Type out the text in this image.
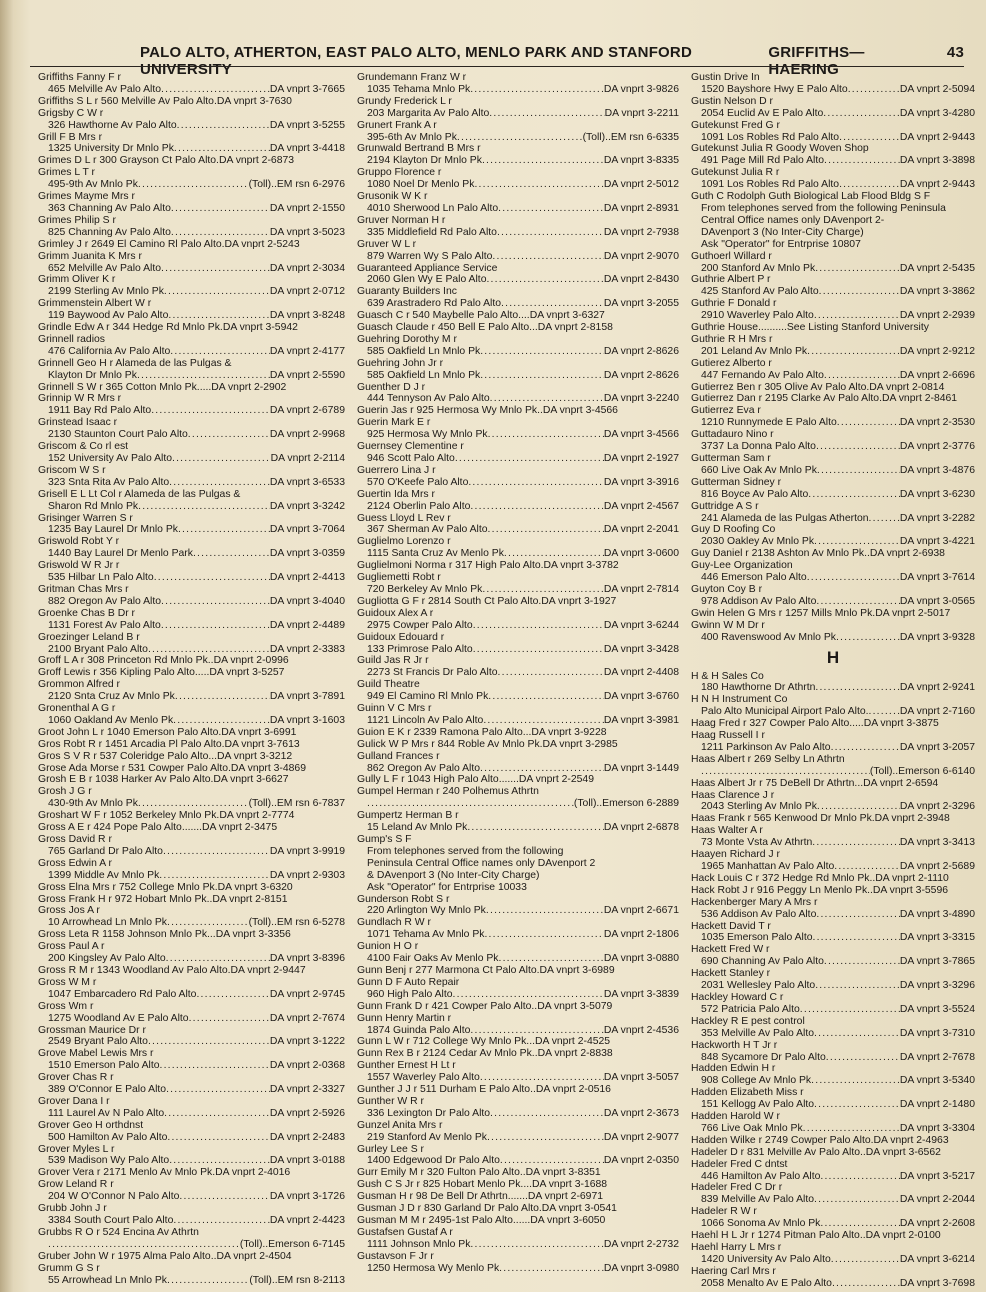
PALO ALTO, ATHERTON, EAST PALO ALTO, MENLO PARK AND STANFORD UNIVERSITY
GRIFFITHS—HAERING
43
Griffiths Fanny F r
465 Melville Av Palo Alto .....	DA vnprt 3-7665
Griffiths S L r 560 Melville Av Palo Alto.DA vnprt 3-7630
Grigsby C W r
326 Hawthorne Av Palo Alto .....	DA vnprt 3-5255
Grill F B Mrs r
1325 University Dr Mnlo Pk .....	DA vnprt 3-4418
Grimes D L r 300 Grayson Ct Palo Alto.DA vnprt 2-6873
Grimes L T r
495-9th Av Mnlo Pk .....	(Toll)..EM rsn 6-2976
Grimes Mayme Mrs r
363 Channing Av Palo Alto .....	DA vnprt 2-1550
Grimes Philip S r
825 Channing Av Palo Alto .....	DA vnprt 3-5023
Grimley J r 2649 El Camino Rl Palo Alto.DA vnprt 2-5243
Grimm Juanita K Mrs r
652 Melville Av Palo Alto .....	DA vnprt 2-3034
Grimm Oliver K r
2199 Sterling Av Mnlo Pk .....	DA vnprt 2-0712
Grimmenstein Albert W r
119 Baywood Av Palo Alto .....	DA vnprt 3-8248
Grindle Edw A r 344 Hedge Rd Mnlo Pk.DA vnprt 3-5942
Grinnell radios
476 California Av Palo Alto .....	DA vnprt 2-4177
Grinnell Geo H r Alameda de las Pulgas &
Klayton Dr Mnlo Pk .....	DA vnprt 2-5590
Grinnell S W r 365 Cotton Mnlo Pk.....DA vnprt 2-2902
Grinnip W R Mrs r
1911 Bay Rd Palo Alto .....	DA vnprt 2-6789
Grinstead Isaac r
2130 Staunton Court Palo Alto .....	DA vnprt 2-9968
Griscom & Co rl est
152 University Av Palo Alto .....	DA vnprt 2-2114
Griscom W S r
323 Snta Rita Av Palo Alto .....	DA vnprt 3-6533
Grisell E L Lt Col r Alameda de las Pulgas &
Sharon Rd Mnlo Pk .....	DA vnprt 3-3242
Grisinger Warren S r
1235 Bay Laurel Dr Mnlo Pk .....	DA vnprt 3-7064
Griswold Robt Y r
1440 Bay Laurel Dr Menlo Park .....	DA vnprt 3-0359
Griswold W R Jr r
535 Hilbar Ln Palo Alto .....	DA vnprt 2-4413
Gritman Chas Mrs r
882 Oregon Av Palo Alto .....	DA vnprt 3-4040
Groenke Chas B Dr r
1131 Forest Av Palo Alto .....	DA vnprt 2-4489
Groezinger Leland B r
2100 Bryant Palo Alto .....	DA vnprt 2-3383
Groff L A r 308 Princeton Rd Mnlo Pk..DA vnprt 2-0996
Groff Lewis r 356 Kipling Palo Alto.....DA vnprt 3-5257
Grommon Alfred r
2120 Snta Cruz Av Mnlo Pk .....	DA vnprt 3-7891
Gronenthal A G r
1060 Oakland Av Menlo Pk .....	DA vnprt 3-1603
Groot John L r 1040 Emerson Palo Alto.DA vnprt 3-6991
Gros Robt R r 1451 Arcadia Pl Palo Alto.DA vnprt 3-7613
Gros S V R r 537 Coleridge Palo Alto...DA vnprt 3-3212
Grose Ada Morse r 531 Cowper Palo Alto.DA vnprt 3-4869
Grosh E B r 1038 Harker Av Palo Alto.DA vnprt 3-6627
Grosh J G r
430-9th Av Mnlo Pk .....	(Toll)..EM rsn 6-7837
Groshart W F r 1052 Berkeley Mnlo Pk.DA vnprt 2-7774
Gross A E r 424 Pope Palo Alto.......DA vnprt 2-3475
Gross David R r
765 Garland Dr Palo Alto .....	DA vnprt 3-9919
Gross Edwin A r
1399 Middle Av Mnlo Pk .....	DA vnprt 2-9303
Gross Elna Mrs r 752 College Mnlo Pk.DA vnprt 3-6320
Gross Frank H r 972 Hobart Mnlo Pk..DA vnprt 2-8151
Gross Jos A r
10 Arrowhead Ln Mnlo Pk .....	(Toll)..EM rsn 6-5278
Gross Leta R 1158 Johnson Mnlo Pk...DA vnprt 3-3356
Gross Paul A r
200 Kingsley Av Palo Alto .....	DA vnprt 3-8396
Gross R M r 1343 Woodland Av Palo Alto.DA vnprt 2-9447
Gross W M r
1047 Embarcadero Rd Palo Alto .....	DA vnprt 2-9745
Gross Wm r
1275 Woodland Av E Palo Alto .....	DA vnprt 2-7674
Grossman Maurice Dr r
2549 Bryant Palo Alto .....	DA vnprt 3-1222
Grove Mabel Lewis Mrs r
1510 Emerson Palo Alto .....	DA vnprt 2-0368
Grover Chas R r
389 O'Connor E Palo Alto .....	DA vnprt 2-3327
Grover Dana I r
111 Laurel Av N Palo Alto .....	DA vnprt 2-5926
Grover Geo H orthdnst
500 Hamilton Av Palo Alto .....	DA vnprt 2-2483
Grover Myles L r
539 Madison Wy Palo Alto .....	DA vnprt 3-0188
Grover Vera r 2171 Menlo Av Mnlo Pk.DA vnprt 2-4016
Grow Leland R r
204 W O'Connor N Palo Alto .....	DA vnprt 3-1726
Grubb John J r
3384 South Court Palo Alto .....	DA vnprt 2-4423
Grubbs R O r 524 Encina Av Athrtn
.....
(Toll)..Emerson 6-7145
Gruber John W r 1975 Alma Palo Alto..DA vnprt 2-4504
Grumm G S r
55 Arrowhead Ln Mnlo Pk .....	(Toll)..EM rsn 8-2113
Grundemann Franz W r
1035 Tehama Mnlo Pk .....	DA vnprt 3-9826
Grundy Frederick L r
203 Margarita Av Palo Alto .....	DA vnprt 3-2211
Grunert Frank A r
395-6th Av Mnlo Pk .....	(Toll)..EM rsn 6-6335
Grunwald Bertrand B Mrs r
2194 Klayton Dr Mnlo Pk .....	DA vnprt 3-8335
Gruppo Florence r
1080 Noel Dr Menlo Pk .....	DA vnprt 2-5012
Grusonik W K r
4010 Sherwood Ln Palo Alto .....	DA vnprt 2-8931
Gruver Norman H r
335 Middlefield Rd Palo Alto .....	DA vnprt 2-7938
Gruver W L r
879 Warren Wy S Palo Alto .....	DA vnprt 2-9070
Guaranteed Appliance Service
2060 Glen Wy E Palo Alto .....	DA vnprt 2-8430
Guaranty Builders Inc
639 Arastradero Rd Palo Alto .....	DA vnprt 3-2055
Guasch C r 540 Maybelle Palo Alto....DA vnprt 3-6327
Guasch Claude r 450 Bell E Palo Alto...DA vnprt 2-8158
Guehring Dorothy M r
585 Oakfield Ln Mnlo Pk .....	DA vnprt 2-8626
Guehring John Jr r
585 Oakfield Ln Mnlo Pk .....	DA vnprt 2-8626
Guenther D J r
444 Tennyson Av Palo Alto .....	DA vnprt 3-2240
Guerin Jas r 925 Hermosa Wy Mnlo Pk..DA vnprt 3-4566
Guerin Mark E r
925 Hermosa Wy Mnlo Pk .....	DA vnprt 3-4566
Guernsey Clementine r
946 Scott Palo Alto .....	DA vnprt 2-1927
Guerrero Lina J r
570 O'Keefe Palo Alto .....	DA vnprt 3-3916
Guertin Ida Mrs r
2124 Oberlin Palo Alto .....	DA vnprt 2-4567
Guess Lloyd L Rev r
367 Sherman Av Palo Alto .....	DA vnprt 2-2041
Guglielmo Lorenzo r
1115 Santa Cruz Av Menlo Pk .....	DA vnprt 3-0600
Guglielmoni Norma r 317 High Palo Alto.DA vnprt 3-3782
Gugliemetti Robt r
720 Berkeley Av Mnlo Pk .....	DA vnprt 2-7814
Gugliotta G F r 2814 South Ct Palo Alto.DA vnprt 3-1927
Guidoux Alex A r
2975 Cowper Palo Alto .....	DA vnprt 3-6244
Guidoux Edouard r
133 Primrose Palo Alto .....	DA vnprt 3-3428
Guild Jas R Jr r
2273 St Francis Dr Palo Alto .....	DA vnprt 2-4408
Guild Theatre
949 El Camino Rl Mnlo Pk .....	DA vnprt 3-6760
Guinn V C Mrs r
1121 Lincoln Av Palo Alto .....	DA vnprt 3-3981
Guion E K r 2339 Ramona Palo Alto...DA vnprt 3-9228
Gulick W P Mrs r 844 Roble Av Mnlo Pk.DA vnprt 3-2985
Gulland Frances r
862 Oregon Av Palo Alto .....	DA vnprt 3-1449
Gully L F r 1043 High Palo Alto.......DA vnprt 2-2549
Gumpel Herman r 240 Polhemus Athrtn
.....
(Toll)..Emerson 6-2889
Gumpertz Herman B r
15 Leland Av Mnlo Pk .....	DA vnprt 2-6878
Gump's S F
From telephones served from the following
Peninsula Central Office names only DAvenport 2
& DAvenport 3 (No Inter-City Charge)
Ask "Operator" for Entrprise 10033
Gunderson Robt S r
220 Arlington Wy Mnlo Pk .....	DA vnprt 2-6671
Gundlach R W r
1071 Tehama Av Mnlo Pk .....	DA vnprt 2-1806
Gunion H O r
4100 Fair Oaks Av Menlo Pk .....	DA vnprt 3-0880
Gunn Benj r 277 Marmona Ct Palo Alto.DA vnprt 3-6989
Gunn D F Auto Repair
960 High Palo Alto .....	DA vnprt 3-3839
Gunn Frank D r 421 Cowper Palo Alto..DA vnprt 3-5079
Gunn Henry Martin r
1874 Guinda Palo Alto .....	DA vnprt 2-4536
Gunn L W r 712 College Wy Mnlo Pk...DA vnprt 2-4525
Gunn Rex B r 2124 Cedar Av Mnlo Pk..DA vnprt 2-8838
Gunther Ernest H Lt r
1557 Waverley Palo Alto .....	DA vnprt 3-5057
Gunther J J r 511 Durham E Palo Alto..DA vnprt 2-0516
Gunther W R r
336 Lexington Dr Palo Alto .....	DA vnprt 2-3673
Gunzel Anita Mrs r
219 Stanford Av Menlo Pk .....	DA vnprt 2-9077
Gurley Lee S r
1400 Edgewood Dr Palo Alto .....	DA vnprt 2-0350
Gurr Emily M r 320 Fulton Palo Alto..DA vnprt 3-8351
Gush C S Jr r 825 Hobart Menlo Pk....DA vnprt 3-1688
Gusman H r 98 De Bell Dr Athrtn.......DA vnprt 2-6971
Gusman J D r 830 Garland Dr Palo Alto.DA vnprt 3-0541
Gusman M M r 2495-1st Palo Alto......DA vnprt 3-6050
Gustafsen Gustaf A r
1111 Johnson Mnlo Pk .....	DA vnprt 2-2732
Gustavson F Jr r
1250 Hermosa Wy Menlo Pk .....	DA vnprt 3-0980
Gustin Drive In
1520 Bayshore Hwy E Palo Alto .....	DA vnprt 2-5094
Gustin Nelson D r
2054 Euclid Av E Palo Alto .....	DA vnprt 3-4280
Gutekunst Fred G r
1091 Los Robles Rd Palo Alto .....	DA vnprt 2-9443
Gutekunst Julia R Goody Woven Shop
491 Page Mill Rd Palo Alto .....	DA vnprt 3-3898
Gutekunst Julia R r
1091 Los Robles Rd Palo Alto .....	DA vnprt 2-9443
Guth C Rodolph Guth Biological Lab Flood Bldg S F
From telephones served from the following Peninsula
Central Office names only DAvenport 2-
DAvenport 3 (No Inter-City Charge)
Ask "Operator" for Entrprise 10807
Guthoerl Willard r
200 Stanford Av Mnlo Pk .....	DA vnprt 2-5435
Guthrie Albert P r
425 Stanford Av Palo Alto .....	DA vnprt 3-3862
Guthrie F Donald r
2910 Waverley Palo Alto .....	DA vnprt 2-2939
Guthrie House..........See Listing Stanford University
Guthrie R H Mrs r
201 Leland Av Mnlo Pk .....	DA vnprt 2-9212
Gutierez Alberto r
447 Fernando Av Palo Alto .....	DA vnprt 2-6696
Gutierrez Ben r 305 Olive Av Palo Alto.DA vnprt 2-0814
Gutierrez Dan r 2195 Clarke Av Palo Alto.DA vnprt 2-8461
Gutierrez Eva r
1210 Runnymede E Palo Alto .....	DA vnprt 2-3530
Guttadauro Nino r
3737 La Donna Palo Alto .....	DA vnprt 2-3776
Gutterman Sam r
660 Live Oak Av Mnlo Pk .....	DA vnprt 3-4876
Gutterman Sidney r
816 Boyce Av Palo Alto .....	DA vnprt 3-6230
Guttridge A S r
241 Alameda de las Pulgas Atherton .....	DA vnprt 3-2282
Guy D Roofing Co
2030 Oakley Av Mnlo Pk .....	DA vnprt 3-4221
Guy Daniel r 2138 Ashton Av Mnlo Pk..DA vnprt 2-6938
Guy-Lee Organization
446 Emerson Palo Alto .....	DA vnprt 3-7614
Guyton Coy B r
978 Addison Av Palo Alto .....	DA vnprt 3-0565
Gwin Helen G Mrs r 1257 Mills Mnlo Pk.DA vnprt 2-5017
Gwinn W M Dr r
400 Ravenswood Av Mnlo Pk .....	DA vnprt 3-9328
H
H & H Sales Co
180 Hawthorne Dr Athrtn .....	DA vnprt 2-9241
H N H Instrument Co
Palo Alto Municipal Airport Palo Alto. .....	DA vnprt 2-7160
Haag Fred r 327 Cowper Palo Alto.....DA vnprt 3-3875
Haag Russell I r
1211 Parkinson Av Palo Alto .....	DA vnprt 3-2057
Haas Albert r 269 Selby Ln Athrtn
.....
(Toll)..Emerson 6-6140
Haas Albert Jr r 75 DeBell Dr Athrtn...DA vnprt 2-6594
Haas Clarence J r
2043 Sterling Av Mnlo Pk .....	DA vnprt 2-3296
Haas Frank r 565 Kenwood Dr Mnlo Pk.DA vnprt 2-3948
Haas Walter A r
73 Monte Vsta Av Athrtn .....	DA vnprt 3-3413
Haayen Richard J r
1965 Manhattan Av Palo Alto .....	DA vnprt 2-5689
Hack Louis C r 372 Hedge Rd Mnlo Pk..DA vnprt 2-1110
Hack Robt J r 916 Peggy Ln Menlo Pk..DA vnprt 3-5596
Hackenberger Mary A Mrs r
536 Addison Av Palo Alto .....	DA vnprt 3-4890
Hackett David T r
1035 Emerson Palo Alto .....	DA vnprt 3-3315
Hackett Fred W r
690 Channing Av Palo Alto .....	DA vnprt 3-7865
Hackett Stanley r
2031 Wellesley Palo Alto .....	DA vnprt 3-3296
Hackley Howard C r
572 Patricia Palo Alto .....	DA vnprt 3-5524
Hackley R E pest control
353 Melville Av Palo Alto .....	DA vnprt 3-7310
Hackworth H T Jr r
848 Sycamore Dr Palo Alto .....	DA vnprt 2-7678
Hadden Edwin H r
908 College Av Mnlo Pk .....	DA vnprt 3-5340
Hadden Elizabeth Miss r
151 Kellogg Av Palo Alto .....	DA vnprt 2-1480
Hadden Harold W r
766 Live Oak Mnlo Pk .....	DA vnprt 3-3304
Hadden Wilke r 2749 Cowper Palo Alto.DA vnprt 2-4963
Hadeler D r 831 Melville Av Palo Alto..DA vnprt 3-6562
Hadeler Fred C dntst
446 Hamilton Av Palo Alto .....	DA vnprt 3-5217
Hadeler Fred C Dr r
839 Melville Av Palo Alto .....	DA vnprt 2-2044
Hadeler R W r
1066 Sonoma Av Mnlo Pk .....	DA vnprt 2-2608
Haehl H L Jr r 1274 Pitman Palo Alto..DA vnprt 2-0100
Haehl Harry L Mrs r
1420 University Av Palo Alto .....	DA vnprt 3-6214
Haering Carl Mrs r
2058 Menalto Av E Palo Alto .....	DA vnprt 3-7698
